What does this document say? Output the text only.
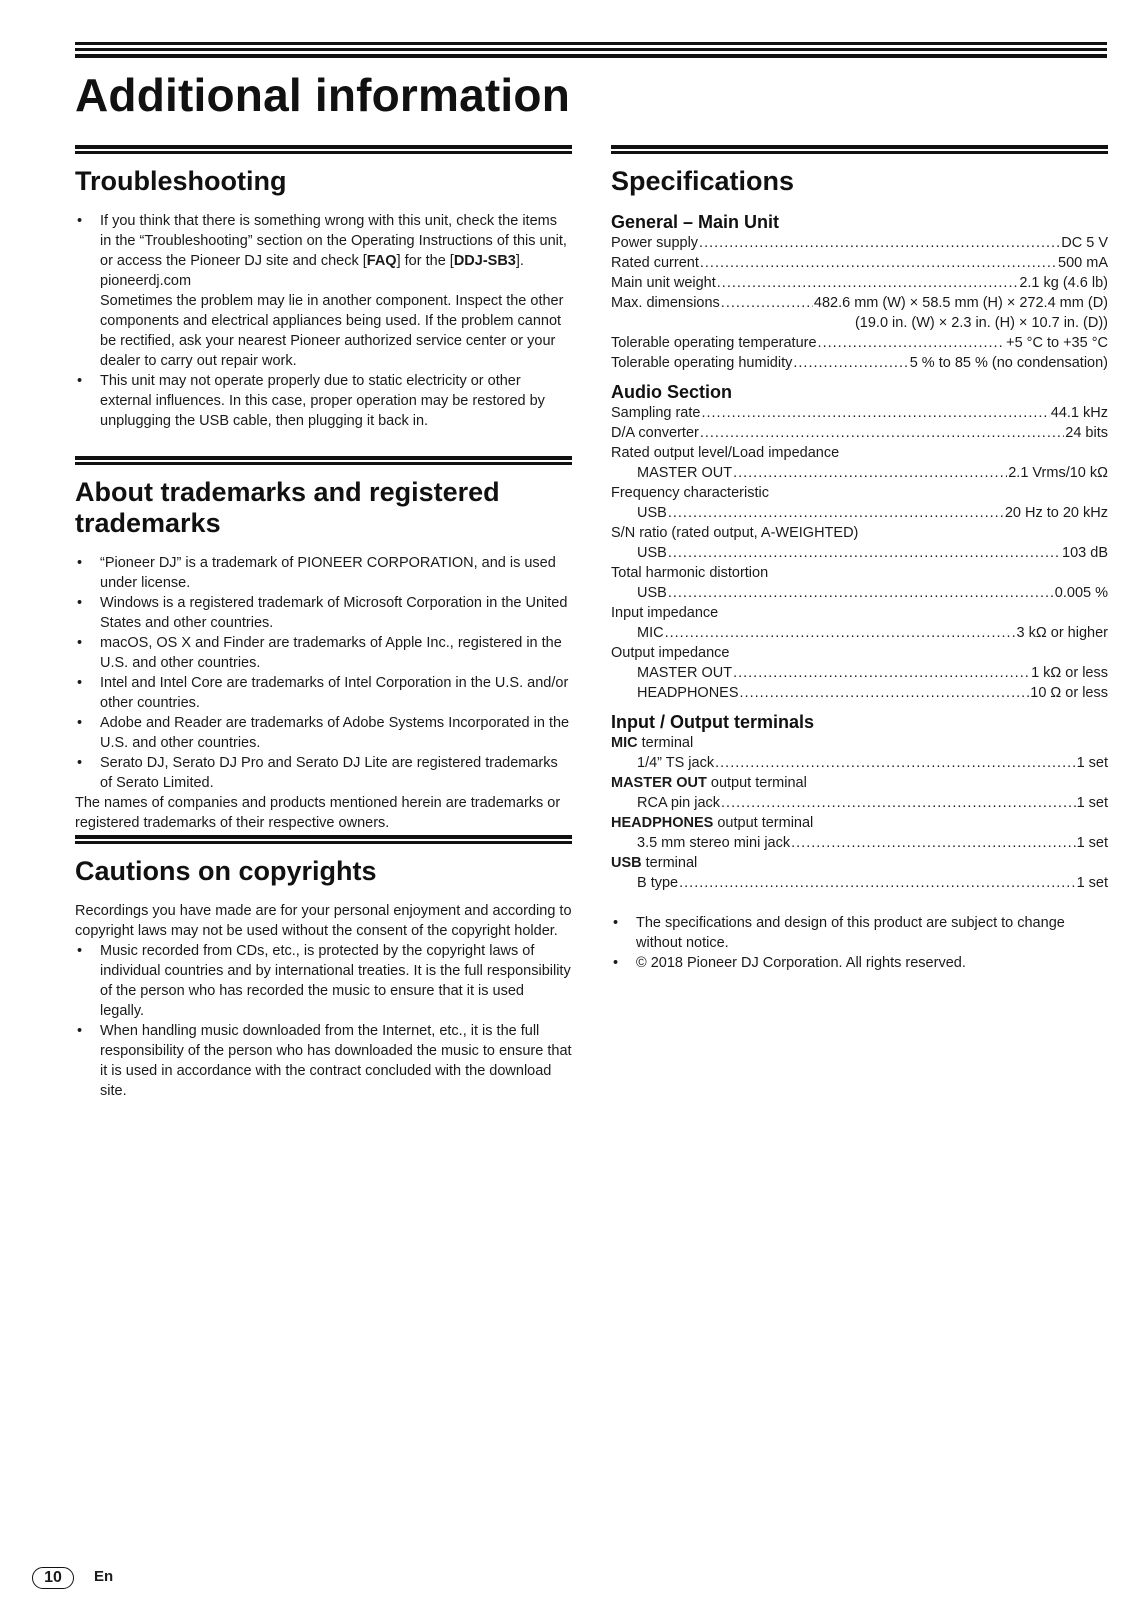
Additional information
Troubleshooting
• If you think that there is something wrong with this unit, check the items in the “Troubleshooting” section on the Operating Instructions of this unit, or access the Pioneer DJ site and check [FAQ] for the [DDJ-SB3].
pioneerdj.com
Sometimes the problem may lie in another component. Inspect the other components and electrical appliances being used. If the problem cannot be rectified, ask your nearest Pioneer authorized service center or your dealer to carry out repair work.
• This unit may not operate properly due to static electricity or other external influences. In this case, proper operation may be restored by unplugging the USB cable, then plugging it back in.
About trademarks and registered
trademarks
• “Pioneer DJ” is a trademark of PIONEER CORPORATION, and is used under license.
• Windows is a registered trademark of Microsoft Corporation in the United States and other countries.
• macOS, OS X and Finder are trademarks of Apple Inc., registered in the U.S. and other countries.
• Intel and Intel Core are trademarks of Intel Corporation in the U.S. and/or other countries.
• Adobe and Reader are trademarks of Adobe Systems Incorporated in the U.S. and other countries.
• Serato DJ, Serato DJ Pro and Serato DJ Lite are registered trademarks of Serato Limited.

The names of companies and products mentioned herein are trademarks or registered trademarks of their respective owners.

Cautions on copyrights

Recordings you have made are for your personal enjoyment and according to copyright laws may not be used without the consent of the copyright holder.

• Music recorded from CDs, etc., is protected by the copyright laws of individual countries and by international treaties. It is the full responsibility of the person who has recorded the music to ensure that it is used legally.
• When handling music downloaded from the Internet, etc., it is the full responsibility of the person who has downloaded the music to ensure that it is used in accordance with the contract concluded with the download site.
Specifications
General – Main Unit
Power supply .....	DC 5 V
Rated current .....	500 mA
Main unit weight .....	2.1 kg (4.6 lb)
Max. dimensions .....	482.6 mm (W) × 58.5 mm (H) × 272.4 mm (D)
(19.0 in. (W) × 2.3 in. (H) × 10.7 in. (D))
Tolerable operating temperature .....	+5 °C to +35 °C
Tolerable operating humidity .....	5 % to 85 % (no condensation)
Audio Section
Sampling rate .....	44.1 kHz
D/A converter .....	24 bits
Rated output level/Load impedance
MASTER OUT .....	2.1 Vrms/10 kΩ
Frequency characteristic
USB .....	20 Hz to 20 kHz
S/N ratio (rated output, A-WEIGHTED)
USB .....	103 dB
Total harmonic distortion
USB .....	0.005 %
Input impedance
MIC .....	3 kΩ or higher
Output impedance
MASTER OUT .....	1 kΩ or less
HEADPHONES .....	10 Ω or less
Input / Output terminals
MIC terminal
1/4” TS jack .....	1 set
MASTER OUT output terminal
RCA pin jack .....	1 set
HEADPHONES output terminal
3.5 mm stereo mini jack .....	1 set
USB terminal
B type .....	1 set
• The specifications and design of this product are subject to change without notice.
• © 2018 Pioneer DJ Corporation. All rights reserved.
10	En
